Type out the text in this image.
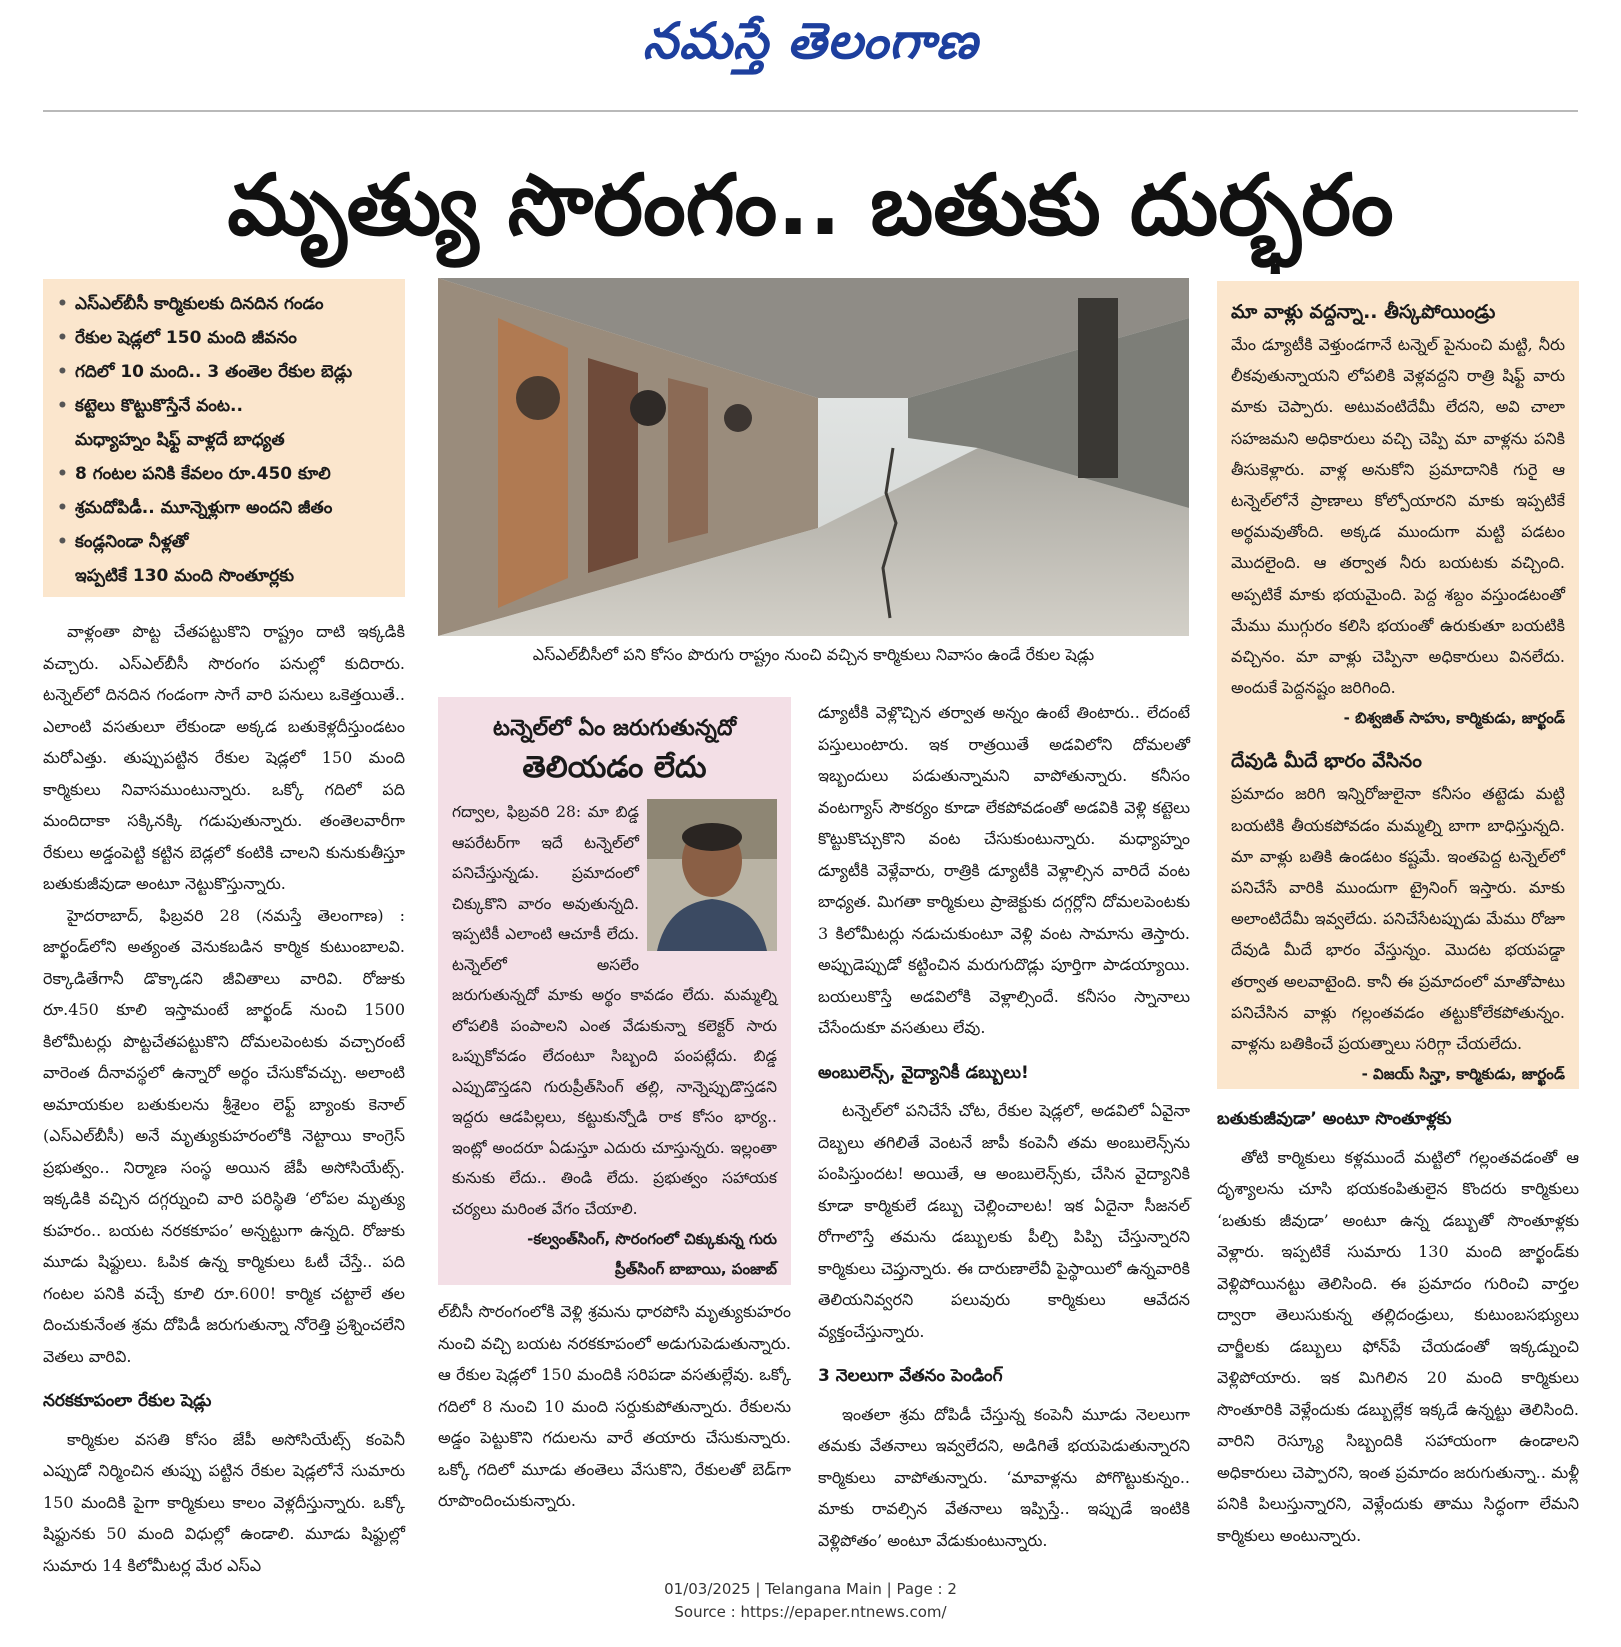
నమస్తే తెలంగాణ
మృత్యు సొరంగం.. బతుకు దుర్భరం
• ఎస్ఎల్‌బీసీ కార్మికులకు దినదిన గండం
• రేకుల షెడ్లలో 150 మంది జీవనం
• గదిలో 10 మంది.. 3 తంతెల రేకుల బెడ్లు
• కట్టెలు కొట్టుకొస్తేనే వంట..
మధ్యాహ్నం షిఫ్ట్ వాళ్లదే బాధ్యత
• 8 గంటల పనికి కేవలం రూ.450 కూలి
• శ్రమదోపిడీ.. మూన్నెళ్లుగా అందని జీతం
• కండ్లనిండా నీళ్లతో
ఇప్పటికే 130 మంది సొంతూర్లకు
ఎస్ఎల్‌బీసీలో పని కోసం పొరుగు రాష్ట్రం నుంచి వచ్చిన కార్మికులు నివాసం ఉండే రేకుల షెడ్లు

వాళ్లంతా పొట్ట చేతపట్టుకొని రాష్ట్రం దాటి ఇక్కడికి వచ్చారు. ఎస్ఎల్‌బీసీ సొరంగం పనుల్లో కుదిరారు. టన్నెల్‌లో దినదిన గండంగా సాగే వారి పనులు ఒకెత్తయితే.. ఎలాంటి వసతులూ లేకుండా అక్కడ బతుకెళ్లదీస్తుండటం మరోఎత్తు. తుప్పుపట్టిన రేకుల షెడ్లలో 150 మంది కార్మికులు నివాసముంటున్నారు. ఒక్కో గదిలో పది మందిదాకా సక్కినక్కి గడుపుతున్నారు. తంతెలవారీగా రేకులు అడ్డంపెట్టి కట్టిన బెడ్లలో కంటికి చాలని కునుకుతీస్తూ బతుకుజీవుడా అంటూ నెట్టుకొస్తున్నారు.

హైదరాబాద్, ఫిబ్రవరి 28 (నమస్తే తెలంగాణ) : జార్ఖండ్‌లోని అత్యంత వెనుకబడిన కార్మిక కుటుంబాలవి. రెక్కాడితేగానీ డొక్కాడని జీవితాలు వారివి. రోజుకు రూ.450 కూలి ఇస్తామంటే జార్ఖండ్ నుంచి 1500 కిలోమీటర్లు పొట్టచేతపట్టుకొని దోమలపెంటకు వచ్చారంటే వారెంత దీనావస్థలో ఉన్నారో అర్థం చేసుకోవచ్చు. అలాంటి అమాయకుల బతుకులను శ్రీశైలం లెఫ్ట్ బ్యాంకు కెనాల్ (ఎస్ఎల్‌బీసీ) అనే మృత్యుకుహరంలోకి నెట్టాయి కాంగ్రెస్ ప్రభుత్వం.. నిర్మాణ సంస్థ అయిన జేపీ అసోసియేట్స్. ఇక్కడికి వచ్చిన దగ్గర్నుంచి వారి పరిస్థితి ‘లోపల మృత్యు కుహరం.. బయట నరకకూపం’ అన్నట్టుగా ఉన్నది. రోజుకు మూడు షిఫ్టులు. ఓపిక ఉన్న కార్మికులు ఓటీ చేస్తే.. పది గంటల పనికి వచ్చే కూలి రూ.600! కార్మిక చట్టాలే తల దించుకునేంత శ్రమ దోపిడీ జరుగుతున్నా నోరెత్తి ప్రశ్నించలేని వెతలు వారివి.

నరకకూపంలా రేకుల షెడ్లు

కార్మికుల వసతి కోసం జేపీ అసోసియేట్స్ కంపెనీ ఎప్పుడో నిర్మించిన తుప్పు పట్టిన రేకుల షెడ్లలోనే సుమారు 150 మందికి పైగా కార్మికులు కాలం వెళ్లదీస్తున్నారు. ఒక్కో షిఫ్టునకు 50 మంది విధుల్లో ఉండాలి. మూడు షిఫ్టుల్లో సుమారు 14 కిలోమీటర్ల మేర ఎస్ఎ

టన్నెల్‌లో ఏం జరుగుతున్నదో
తెలియడం లేదు
గద్వాల, ఫిబ్రవరి 28: మా బిడ్డ ఆపరేటర్‌గా ఇదే టన్నెల్‌లో పనిచేస్తున్నడు. ప్రమాదంలో చిక్కుకొని వారం అవుతున్నది. ఇప్పటికీ ఎలాంటి ఆచూకీ లేదు. టన్నెల్‌లో అసలేం జరుగుతున్నదో మాకు అర్థం కావడం లేదు. మమ్మల్ని లోపలికి పంపాలని ఎంత వేడుకున్నా కలెక్టర్ సారు ఒప్పుకోవడం లేదంటూ సిబ్బంది పంపట్లేదు. బిడ్డ ఎప్పుడొస్తడని గురుప్రీత్‌సింగ్ తల్లి, నాన్నెప్పుడొస్తడని ఇద్దరు ఆడపిల్లలు, కట్టుకున్నోడి రాక కోసం భార్య.. ఇంట్లో అందరూ ఏడుస్తూ ఎదురు చూస్తున్నరు. ఇల్లంతా కునుకు లేదు.. తిండి లేదు. ప్రభుత్వం సహాయక చర్యలు మరింత వేగం చేయాలి.
-కల్వంత్‌సింగ్, సొరంగంలో చిక్కుకున్న గురు
ప్రీత్‌సింగ్ బాబాయి, పంజాబ్

ల్‌బీసీ సొరంగంలోకి వెళ్లి శ్రమను ధారపోసి మృత్యుకుహరం నుంచి వచ్చి బయట నరకకూపంలో అడుగుపెడుతున్నారు. ఆ రేకుల షెడ్లలో 150 మందికి సరిపడా వసతుల్లేవు. ఒక్కో గదిలో 8 నుంచి 10 మంది సర్దుకుపోతున్నారు. రేకులను అడ్డం పెట్టుకొని గదులను వారే తయారు చేసుకున్నారు. ఒక్కో గదిలో మూడు తంతెలు వేసుకొని, రేకులతో బెడ్‌గా రూపొందించుకున్నారు.

డ్యూటీకి వెళ్లొచ్చిన తర్వాత అన్నం ఉంటే తింటారు.. లేదంటే పస్తులుంటారు. ఇక రాత్రయితే అడవిలోని దోమలతో ఇబ్బందులు పడుతున్నామని వాపోతున్నారు. కనీసం వంటగ్యాస్ సౌకర్యం కూడా లేకపోవడంతో అడవికి వెళ్లి కట్టెలు కొట్టుకొచ్చుకొని వంట చేసుకుంటున్నారు. మధ్యాహ్నం డ్యూటీకి వెళ్లేవారు, రాత్రికి డ్యూటీకి వెళ్లాల్సిన వారిదే వంట బాధ్యత. మిగతా కార్మికులు ప్రాజెక్టుకు దగ్గర్లోని దోమలపెంటకు 3 కిలోమీటర్లు నడుచుకుంటూ వెళ్లి వంట సామాను తెస్తారు. అప్పుడెప్పుడో కట్టించిన మరుగుదొడ్లు పూర్తిగా పాడయ్యాయి. బయలుకొస్తే అడవిలోకి వెళ్లాల్సిందే. కనీసం స్నానాలు చేసేందుకూ వసతులు లేవు.

అంబులెన్స్, వైద్యానికీ డబ్బులు!

టన్నెల్‌లో పనిచేసే చోట, రేకుల షెడ్లలో, అడవిలో ఏవైనా దెబ్బలు తగిలితే వెంటనే జాపీ కంపెనీ తమ అంబులెన్స్‌ను పంపిస్తుందట! అయితే, ఆ అంబులెన్స్‌కు, చేసిన వైద్యానికి కూడా కార్మికులే డబ్బు చెల్లించాలట! ఇక ఏదైనా సీజనల్ రోగాలొస్తే తమను డబ్బులకు పీల్చి పిప్పి చేస్తున్నారని కార్మికులు చెప్తున్నారు. ఈ దారుణాలేవీ పైస్థాయిలో ఉన్నవారికి తెలియనివ్వరని పలువురు కార్మికులు ఆవేదన వ్యక్తంచేస్తున్నారు.

3 నెలలుగా వేతనం పెండింగ్

ఇంతలా శ్రమ దోపిడీ చేస్తున్న కంపెనీ మూడు నెలలుగా తమకు వేతనాలు ఇవ్వలేదని, అడిగితే భయపెడుతున్నారని కార్మికులు వాపోతున్నారు. ‘మావాళ్లను పోగొట్టుకున్నం.. మాకు రావల్సిన వేతనాలు ఇప్పిస్తే.. ఇప్పుడే ఇంటికి వెళ్లిపోతం’ అంటూ వేడుకుంటున్నారు.

మా వాళ్లు వద్దన్నా.. తీస్కపోయిండ్రు
మేం డ్యూటీకి వెళ్తుండగానే టన్నెల్ పైనుంచి మట్టి, నీరు లీకవుతున్నాయని లోపలికి వెళ్లవద్దని రాత్రి షిఫ్ట్ వారు మాకు చెప్పారు. అటువంటిదేమీ లేదని, అవి చాలా సహజమని అధికారులు వచ్చి చెప్పి మా వాళ్లను పనికి తీసుకెళ్లారు. వాళ్ల అనుకోని ప్రమాదానికి గురై ఆ టన్నెల్‌లోనే ప్రాణాలు కోల్పోయారని మాకు ఇప్పటికే అర్థమవుతోంది. అక్కడ ముందుగా మట్టి పడటం మొదలైంది. ఆ తర్వాత నీరు బయటకు వచ్చింది. అప్పటికే మాకు భయమైంది. పెద్ద శబ్దం వస్తుండటంతో మేము ముగ్గురం కలిసి భయంతో ఉరుకుతూ బయటికి వచ్చినం. మా వాళ్లు చెప్పినా అధికారులు వినలేదు. అందుకే పెద్దనష్టం జరిగింది.
- బిశ్వజిత్ సాహు, కార్మికుడు, జార్ఖండ్
దేవుడి మీదే భారం వేసినం
ప్రమాదం జరిగి ఇన్నిరోజులైనా కనీసం తట్టెడు మట్టి బయటికి తీయకపోవడం మమ్మల్ని బాగా బాధిస్తున్నది. మా వాళ్లు బతికి ఉండటం కష్టమే. ఇంతపెద్ద టన్నెల్‌లో పనిచేసే వారికి ముందుగా ట్రైనింగ్ ఇస్తారు. మాకు అలాంటిదేమీ ఇవ్వలేదు. పనిచేసేటప్పుడు మేము రోజూ దేవుడి మీదే భారం వేస్తున్నం. మొదట భయపడ్డా తర్వాత అలవాటైంది. కానీ ఈ ప్రమాదంలో మాతోపాటు పనిచేసిన వాళ్లు గల్లంతవడం తట్టుకోలేకపోతున్నం. వాళ్లను బతికించే ప్రయత్నాలు సరిగ్గా చేయలేదు.
- విజయ్ సిన్హా, కార్మికుడు, జార్ఖండ్
బతుకుజీవుడా’ అంటూ సొంతూళ్లకు

తోటి కార్మికులు కళ్లముందే మట్టిలో గల్లంతవడంతో ఆ దృశ్యాలను చూసి భయకంపితులైన కొందరు కార్మికులు ‘బతుకు జీవుడా’ అంటూ ఉన్న డబ్బుతో సొంతూళ్లకు వెళ్లారు. ఇప్పటికే సుమారు 130 మంది జార్ఖండ్‌కు వెళ్లిపోయినట్టు తెలిసింది. ఈ ప్రమాదం గురించి వార్తల ద్వారా తెలుసుకున్న తల్లిదండ్రులు, కుటుంబసభ్యులు చార్జీలకు డబ్బులు ఫోన్‌పే చేయడంతో ఇక్కడ్నుంచి వెళ్లిపోయారు. ఇక మిగిలిన 20 మంది కార్మికులు సొంతూరికి వెళ్లేందుకు డబ్బుల్లేక ఇక్కడే ఉన్నట్టు తెలిసింది. వారిని రెస్క్యూ సిబ్బందికి సహాయంగా ఉండాలని అధికారులు చెప్పారని, ఇంత ప్రమాదం జరుగుతున్నా.. మళ్లీ పనికి పిలుస్తున్నారని, వెళ్లేందుకు తాము సిద్ధంగా లేమని కార్మికులు అంటున్నారు.

01/03/2025 | Telangana Main | Page : 2
Source : https://epaper.ntnews.com/
